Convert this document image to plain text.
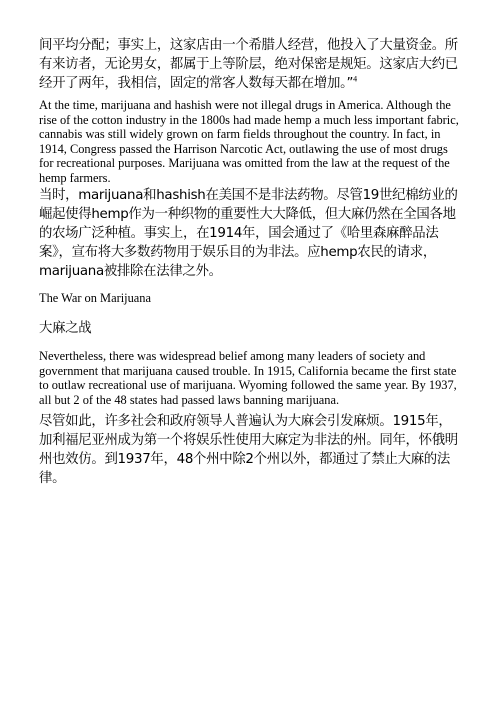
间平均分配；事实上，这家店由一个希腊人经营，他投入了大量资金。所有来访者，无论男女，都属于上等阶层，绝对保密是规矩。这家店大约已经开了两年，我相信，固定的常客人数每天都在增加。”$^4$

At the time, marijuana and hashish were not illegal drugs in America. Although the rise of the cotton industry in the 1800s had made hemp a much less important fabric, cannabis was still widely grown on farm fields throughout the country. In fact, in 1914, Congress passed the Harrison Narcotic Act, outlawing the use of most drugs for recreational purposes. Marijuana was omitted from the law at the request of the hemp farmers.

当时，marijuana和hashish在美国不是非法药物。尽管19世纪棉纺业的崛起使得hemp作为一种织物的重要性大大降低，但大麻仍然在全国各地的农场广泛种植。事实上，在1914年，国会通过了《哈里森麻醉品法案》，宣布将大多数药物用于娱乐目的为非法。应hemp农民的请求，marijuana被排除在法律之外。

The War on Marijuana

大麻之战

Nevertheless, there was widespread belief among many leaders of society and government that marijuana caused trouble. In 1915, California became the first state to outlaw recreational use of marijuana. Wyoming followed the same year. By 1937, all but 2 of the 48 states had passed laws banning marijuana.

尽管如此，许多社会和政府领导人普遍认为大麻会引发麻烦。1915年，加利福尼亚州成为第一个将娱乐性使用大麻定为非法的州。同年，怀俄明州也效仿。到1937年，48个州中除2个州以外，都通过了禁止大麻的法律。
